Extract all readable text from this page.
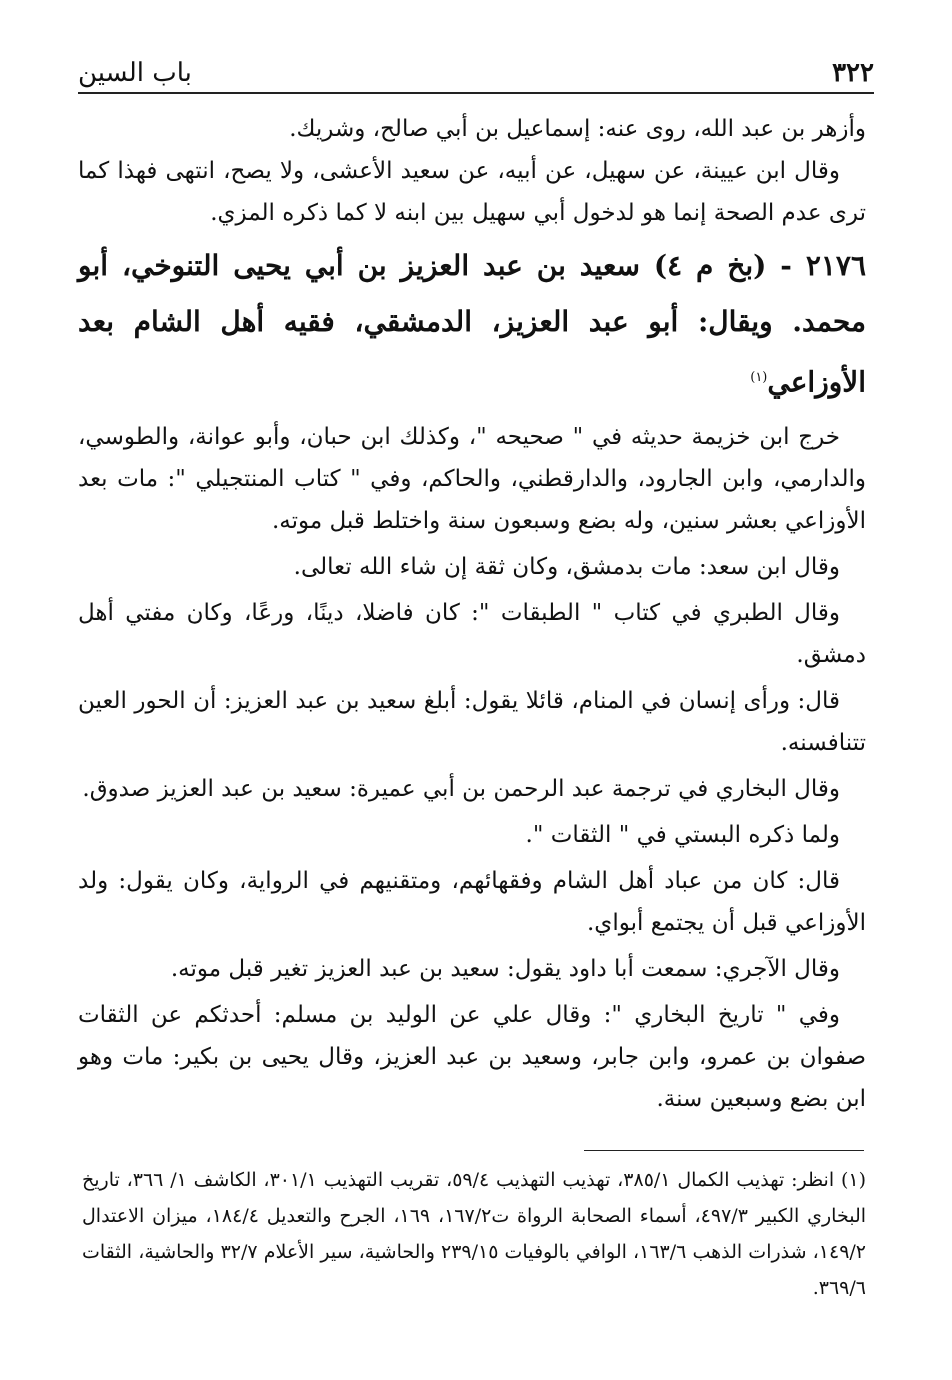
٣٢٢
باب السين

وأزهر بن عبد الله، روى عنه: إسماعيل بن أبي صالح، وشريك.

وقال ابن عيينة، عن سهيل، عن أبيه، عن سعيد الأعشى، ولا يصح، انتهى فهذا كما ترى عدم الصحة إنما هو لدخول أبي سهيل بين ابنه لا كما ذكره المزي.

٢١٧٦ - (بخ م ٤) سعيد بن عبد العزيز بن أبي يحيى التنوخي، أبو محمد. ويقال: أبو عبد العزيز، الدمشقي، فقيه أهل الشام بعد الأوزاعي$^{(١)}$

خرج ابن خزيمة حديثه في " صحيحه "، وكذلك ابن حبان، وأبو عوانة، والطوسي، والدارمي، وابن الجارود، والدارقطني، والحاكم، وفي " كتاب المنتجيلي ": مات بعد الأوزاعي بعشر سنين، وله بضع وسبعون سنة واختلط قبل موته.

وقال ابن سعد: مات بدمشق، وكان ثقة إن شاء الله تعالى.

وقال الطبري في كتاب " الطبقات ": كان فاضلا، دينًا، ورعًا، وكان مفتي أهل دمشق.

قال: ورأى إنسان في المنام، قائلا يقول: أبلغ سعيد بن عبد العزيز: أن الحور العين تتنافسنه.

وقال البخاري في ترجمة عبد الرحمن بن أبي عميرة: سعيد بن عبد العزيز صدوق.

ولما ذكره البستي في " الثقات ".

قال: كان من عباد أهل الشام وفقهائهم، ومتقنيهم في الرواية، وكان يقول: ولد الأوزاعي قبل أن يجتمع أبواي.

وقال الآجري: سمعت أبا داود يقول: سعيد بن عبد العزيز تغير قبل موته.

وفي " تاريخ البخاري ": وقال علي عن الوليد بن مسلم: أحدثكم عن الثقات صفوان بن عمرو، وابن جابر، وسعيد بن عبد العزيز، وقال يحيى بن بكير: مات وهو ابن بضع وسبعين سنة.

(١) انظر: تهذيب الكمال ٣٨٥/١، تهذيب التهذيب ٥٩/٤، تقريب التهذيب ٣٠١/١، الكاشف ١/ ٣٦٦، تاريخ البخاري الكبير ٤٩٧/٣، أسماء الصحابة الرواة ت١٦٧/٢، ١٦٩، الجرح والتعديل ١٨٤/٤، ميزان الاعتدال ١٤٩/٢، شذرات الذهب ١٦٣/٦، الوافي بالوفيات ٢٣٩/١٥ والحاشية، سير الأعلام ٣٢/٧ والحاشية، الثقات ٣٦٩/٦.
